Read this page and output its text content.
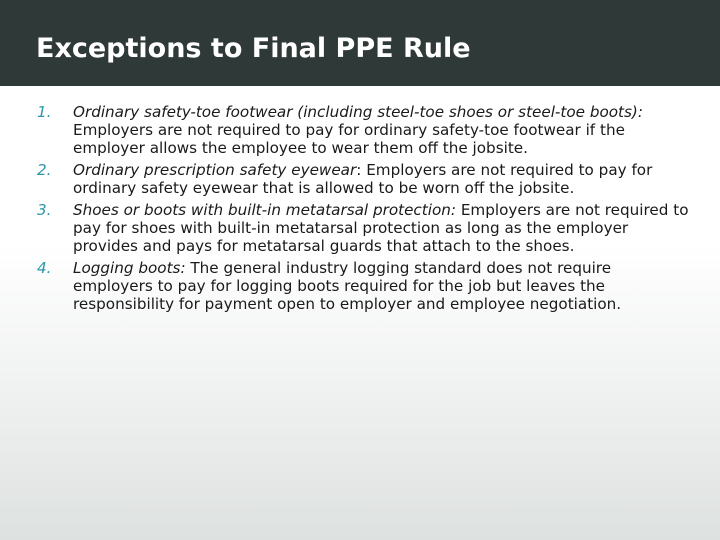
Exceptions to Final PPE Rule
1. Ordinary safety-toe footwear (including steel-toe shoes or steel-toe boots): Employers are not required to pay for ordinary safety-toe footwear if the employer allows the employee to wear them off the jobsite.
2. Ordinary prescription safety eyewear: Employers are not required to pay for ordinary safety eyewear that is allowed to be worn off the jobsite.
3. Shoes or boots with built-in metatarsal protection: Employers are not required to pay for shoes with built-in metatarsal protection as long as the employer provides and pays for metatarsal guards that attach to the shoes.
4. Logging boots: The general industry logging standard does not require employers to pay for logging boots required for the job but leaves the responsibility for payment open to employer and employee negotiation.
